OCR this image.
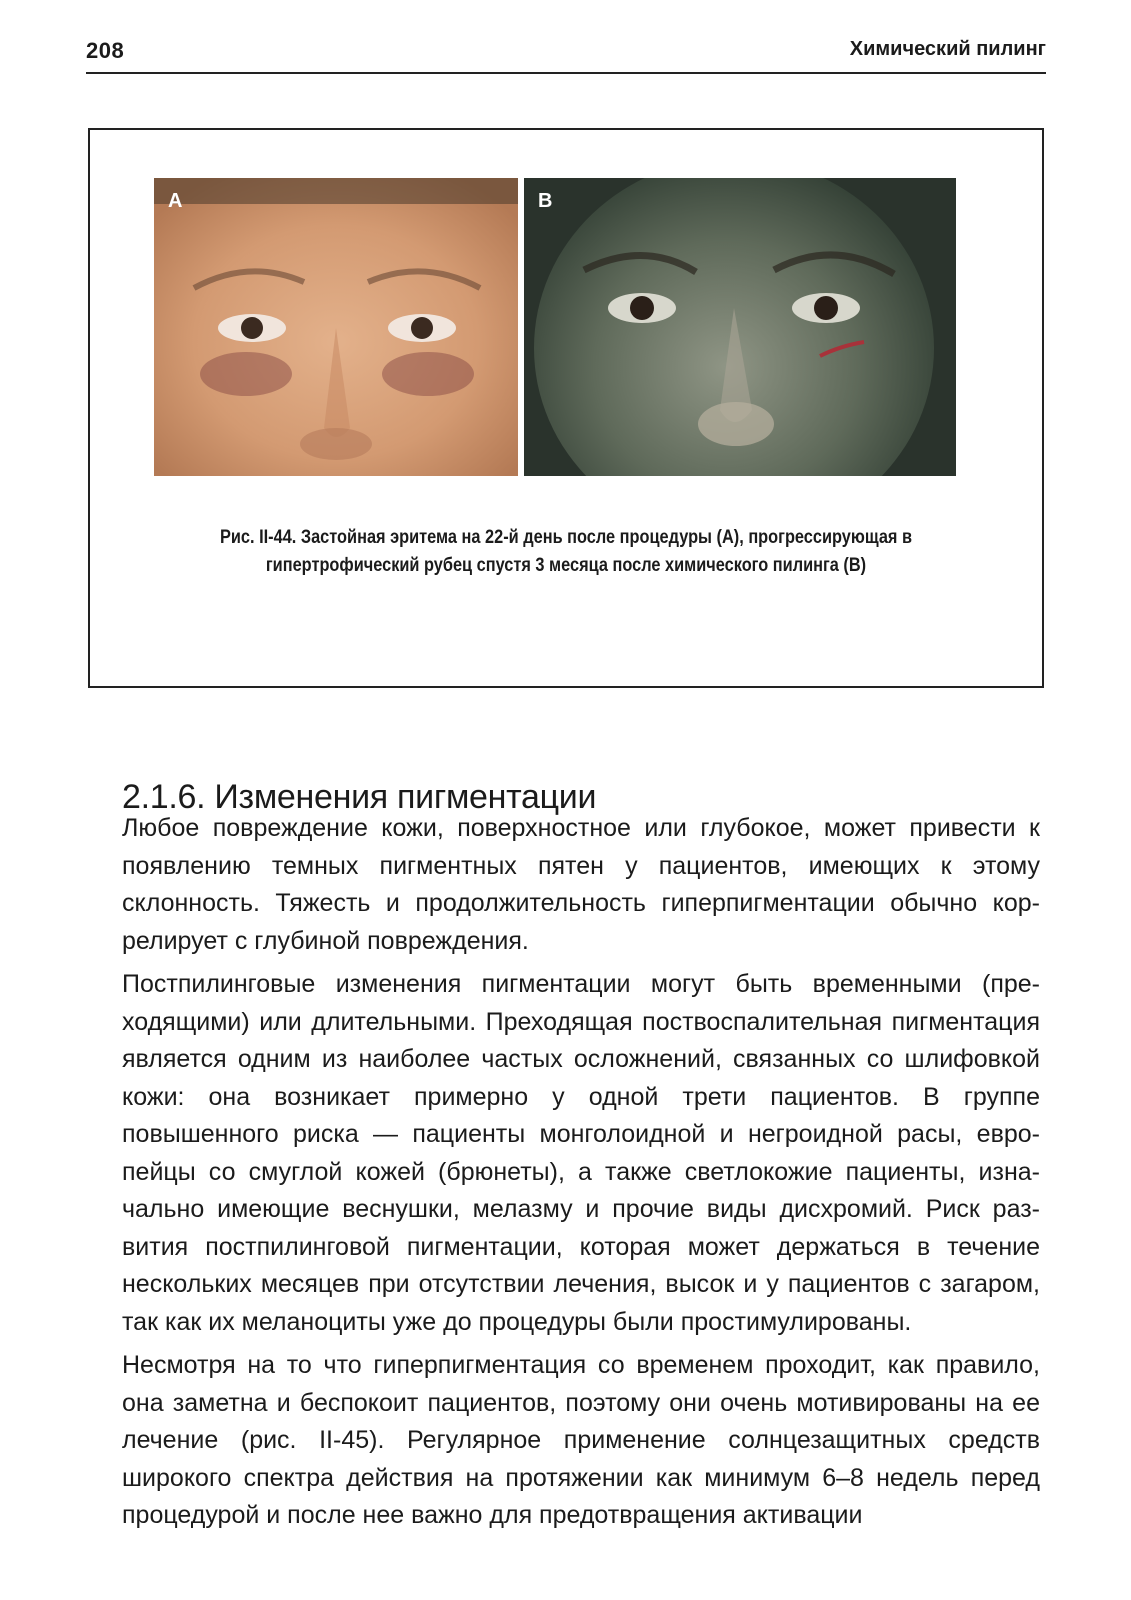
208	Химический пилинг
A	B
Рис. II-44. Застойная эритема на 22-й день после процедуры (А), прогрессирующая в гипертрофический рубец спустя 3 месяца после химического пилинга (В)
2.1.6. Изменения пигментации

Любое повреждение кожи, поверхностное или глубокое, может привести к появлению темных пигментных пятен у пациентов, имеющих к этому склонность. Тяжесть и продолжительность гиперпигментации обычно коррелирует с глубиной повреждения.

Постпилинговые изменения пигментации могут быть временными (преходящими) или длительными. Преходящая поствоспалительная пигментация является одним из наиболее частых осложнений, связанных со шлифовкой кожи: она возникает примерно у одной трети пациентов. В группе повышенного риска — пациенты монголоидной и негроидной расы, европейцы со смуглой кожей (брюнеты), а также светлокожие пациенты, изначально имеющие веснушки, мелазму и прочие виды дисхромий. Риск развития постпилинговой пигментации, которая может держаться в течение нескольких месяцев при отсутствии лечения, высок и у пациентов с загаром, так как их меланоциты уже до процедуры были простимулированы.

Несмотря на то что гиперпигментация со временем проходит, как правило, она заметна и беспокоит пациентов, поэтому они очень мотивированы на ее лечение (рис. II-45). Регулярное применение солнцезащитных средств широкого спектра действия на протяжении как минимум 6–8 недель перед процедурой и после нее важно для предотвращения активации
